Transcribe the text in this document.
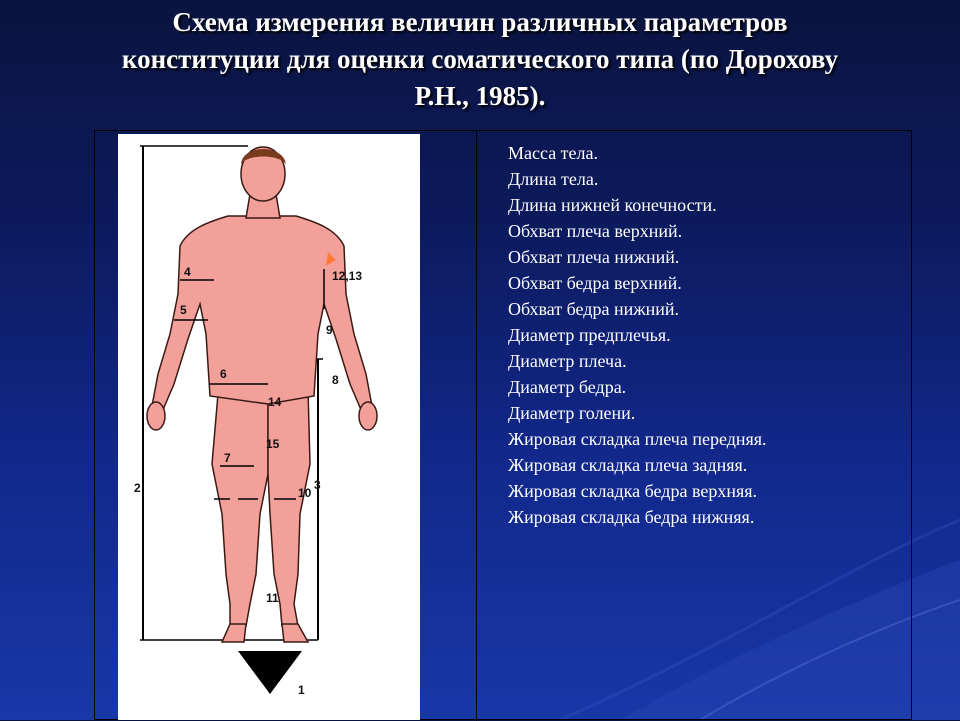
Схема измерения величин различных параметров
конституции для оценки соматического типа (по Дорохову
Р.Н., 1985).
1
2	3
4
5
6
7
8
9
10
11
12,13
14
15
Масса тела.
Длина тела.
Длина нижней конечности.
Обхват плеча верхний.
Обхват плеча нижний.
Обхват бедра верхний.
Обхват бедра нижний.
Диаметр предплечья.
Диаметр плеча.
Диаметр бедра.
Диаметр голени.
Жировая складка плеча передняя.
Жировая складка плеча задняя.
Жировая складка бедра верхняя.
Жировая складка бедра нижняя.
